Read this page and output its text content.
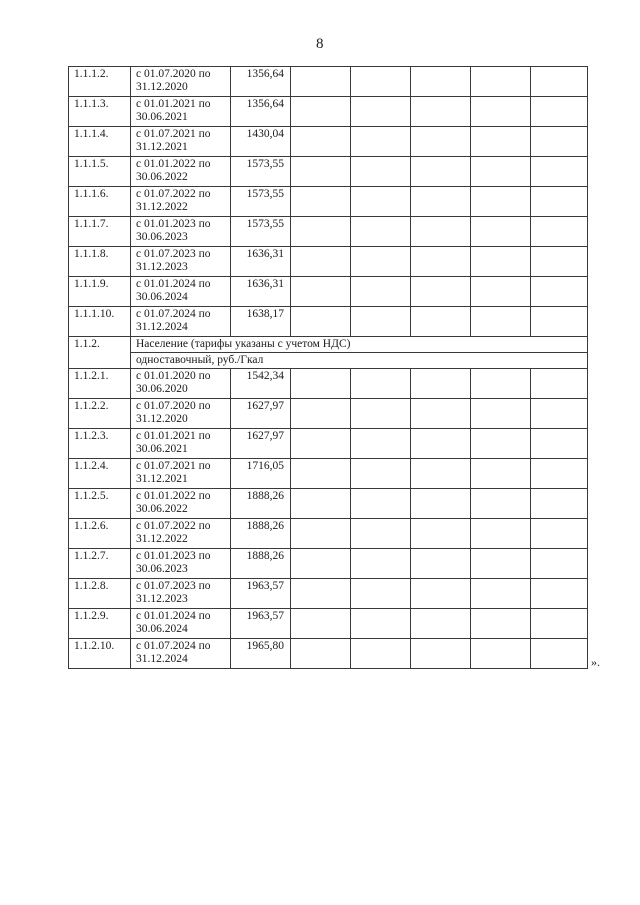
8
1.1.1.2.	с 01.07.2020 по 31.12.2020	1356,64					
1.1.1.3.	с 01.01.2021 по 30.06.2021	1356,64					
1.1.1.4.	с 01.07.2021 по 31.12.2021	1430,04					
1.1.1.5.	с 01.01.2022 по 30.06.2022	1573,55					
1.1.1.6.	с 01.07.2022 по 31.12.2022	1573,55					
1.1.1.7.	с 01.01.2023 по 30.06.2023	1573,55					
1.1.1.8.	с 01.07.2023 по 31.12.2023	1636,31					
1.1.1.9.	с 01.01.2024 по 30.06.2024	1636,31					
1.1.1.10.	с 01.07.2024 по 31.12.2024	1638,17					
1.1.2.	Население (тарифы указаны с учетом НДС)						
	одноставочный, руб./Гкал						
1.1.2.1.	с 01.01.2020 по 30.06.2020	1542,34					
1.1.2.2.	с 01.07.2020 по 31.12.2020	1627,97					
1.1.2.3.	с 01.01.2021 по 30.06.2021	1627,97					
1.1.2.4.	с 01.07.2021 по 31.12.2021	1716,05					
1.1.2.5.	с 01.01.2022 по 30.06.2022	1888,26					
1.1.2.6.	с 01.07.2022 по 31.12.2022	1888,26					
1.1.2.7.	с 01.01.2023 по 30.06.2023	1888,26					
1.1.2.8.	с 01.07.2023 по 31.12.2023	1963,57					
1.1.2.9.	с 01.01.2024 по 30.06.2024	1963,57					
1.1.2.10.	с 01.07.2024 по 31.12.2024	1965,80					
».
